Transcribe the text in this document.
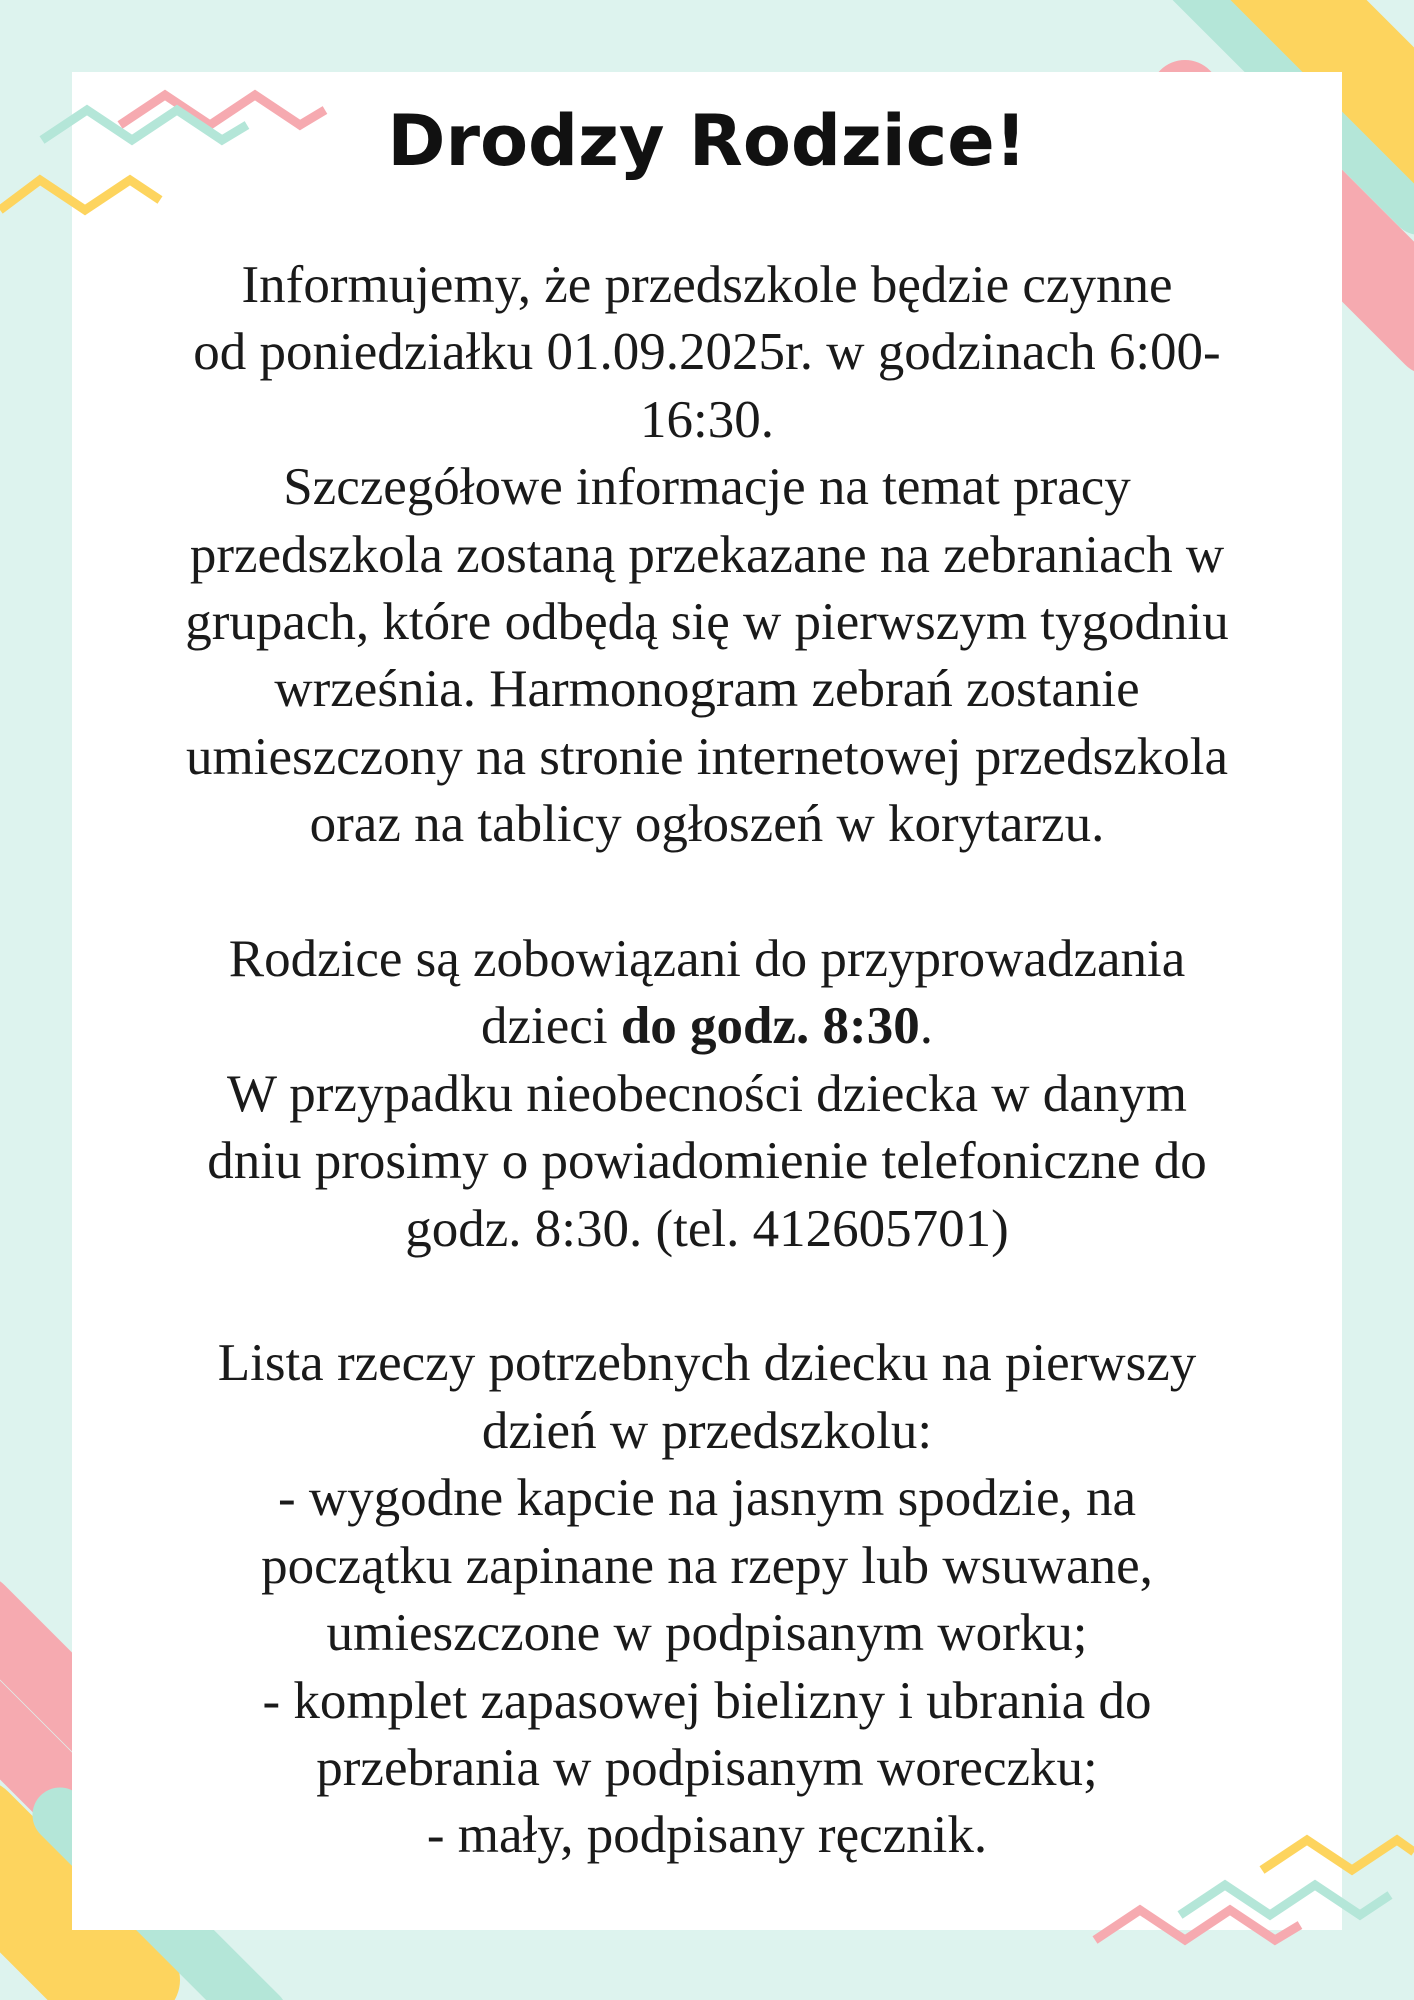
Drodzy Rodzice!
Informujemy, że przedszkole będzie czynne
od poniedziałku 01.09.2025r. w godzinach 6:00-
16:30.
Szczegółowe informacje na temat pracy
przedszkola zostaną przekazane na zebraniach w
grupach, które odbędą się w pierwszym tygodniu
września. Harmonogram zebrań zostanie
umieszczony na stronie internetowej przedszkola
oraz na tablicy ogłoszeń w korytarzu.
Rodzice są zobowiązani do przyprowadzania
dzieci do godz. 8:30.
W przypadku nieobecności dziecka w danym
dniu prosimy o powiadomienie telefoniczne do
godz. 8:30. (tel. 412605701)
Lista rzeczy potrzebnych dziecku na pierwszy
dzień w przedszkolu:
- wygodne kapcie na jasnym spodzie, na
początku zapinane na rzepy lub wsuwane,
umieszczone w podpisanym worku;
- komplet zapasowej bielizny i ubrania do
przebrania w podpisanym woreczku;
- mały, podpisany ręcznik.
